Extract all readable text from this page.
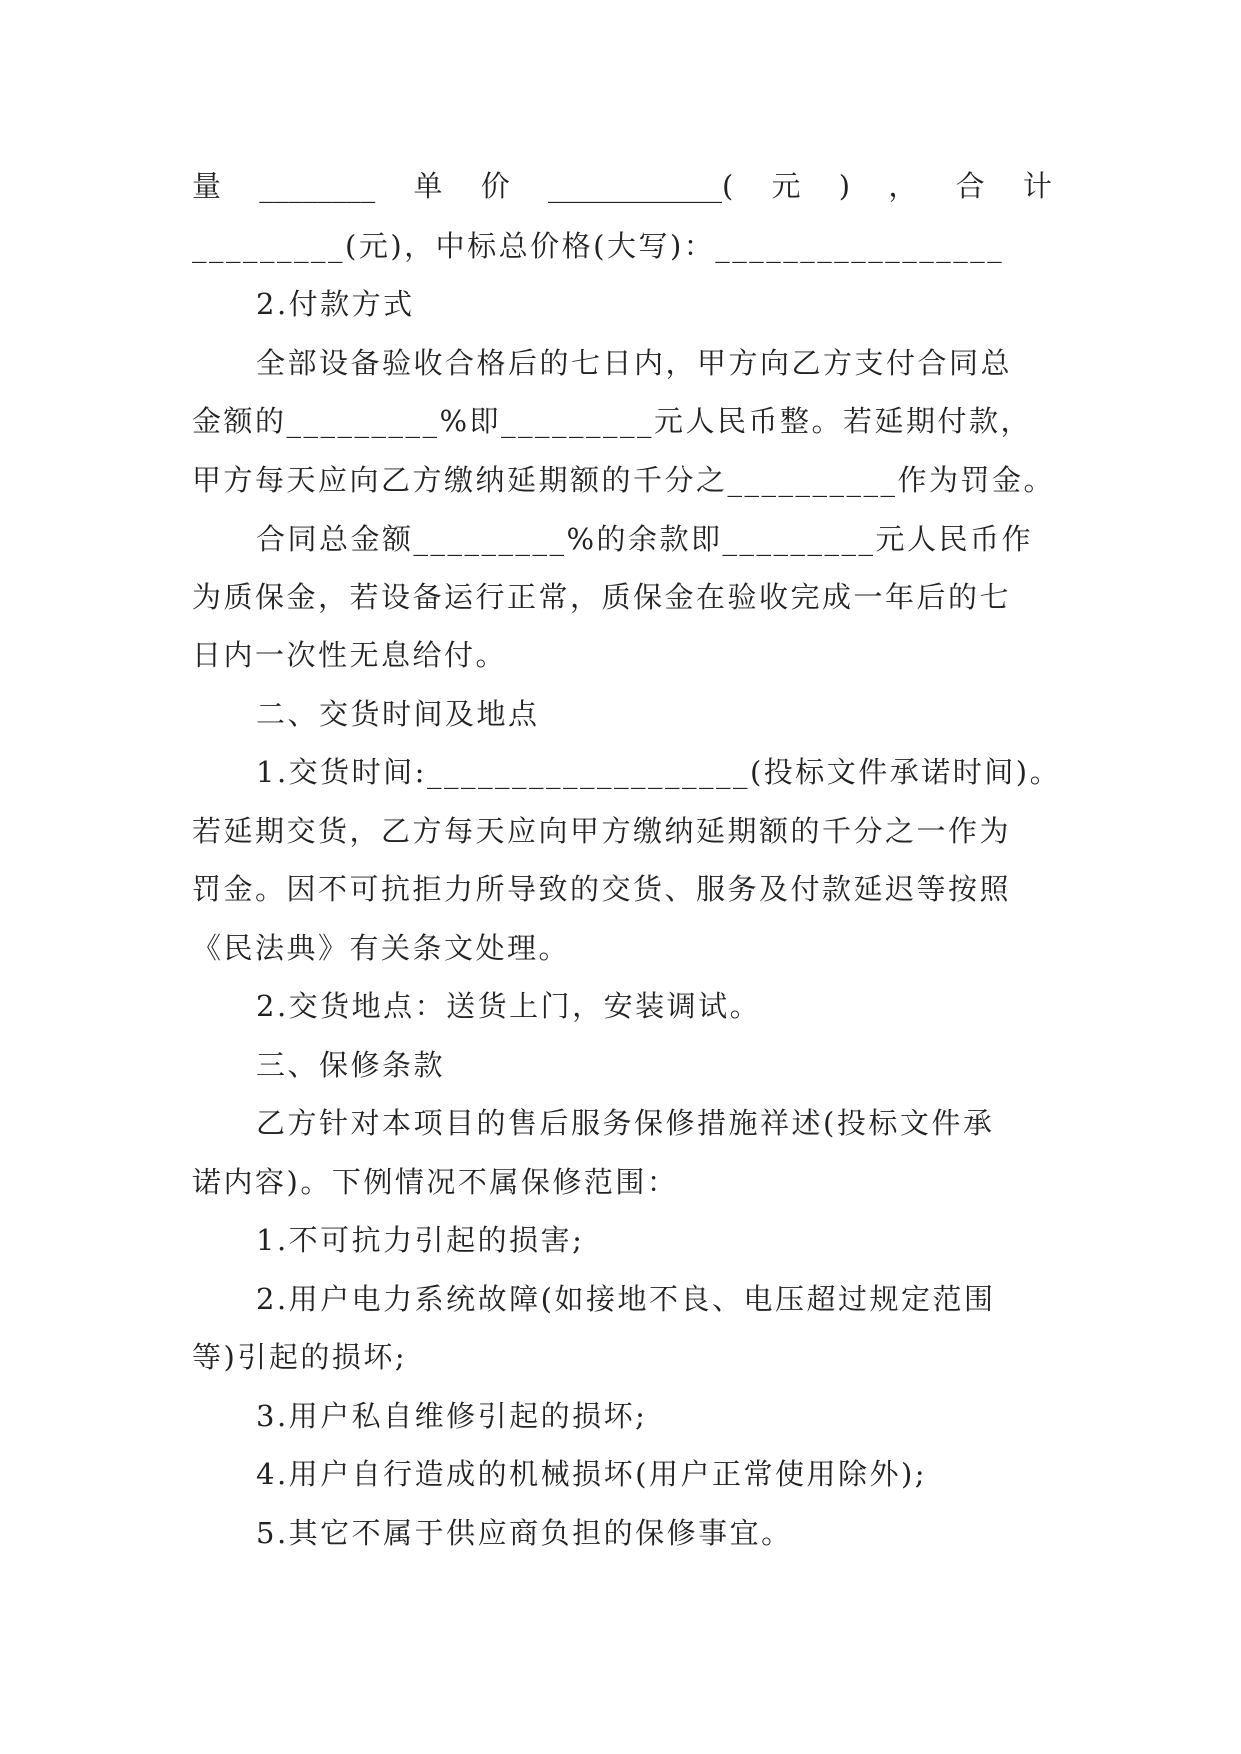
量 ________ 单 价 ____________( 元 ) ， 合 计
_________(元)，中标总价格(大写)：_________________
2.付款方式
全部设备验收合格后的七日内，甲方向乙方支付合同总
金额的_________%即_________元人民币整。若延期付款，
甲方每天应向乙方缴纳延期额的千分之__________作为罚金。
合同总金额_________%的余款即_________元人民币作
为质保金，若设备运行正常，质保金在验收完成一年后的七
日内一次性无息给付。
二、交货时间及地点
1.交货时间:___________________(投标文件承诺时间)。
若延期交货，乙方每天应向甲方缴纳延期额的千分之一作为
罚金。因不可抗拒力所导致的交货、服务及付款延迟等按照
《民法典》有关条文处理。
2.交货地点：送货上门，安装调试。
三、保修条款
乙方针对本项目的售后服务保修措施祥述(投标文件承
诺内容)。下例情况不属保修范围：
1.不可抗力引起的损害;
2.用户电力系统故障(如接地不良、电压超过规定范围
等)引起的损坏;
3.用户私自维修引起的损坏;
4.用户自行造成的机械损坏(用户正常使用除外);
5.其它不属于供应商负担的保修事宜。
